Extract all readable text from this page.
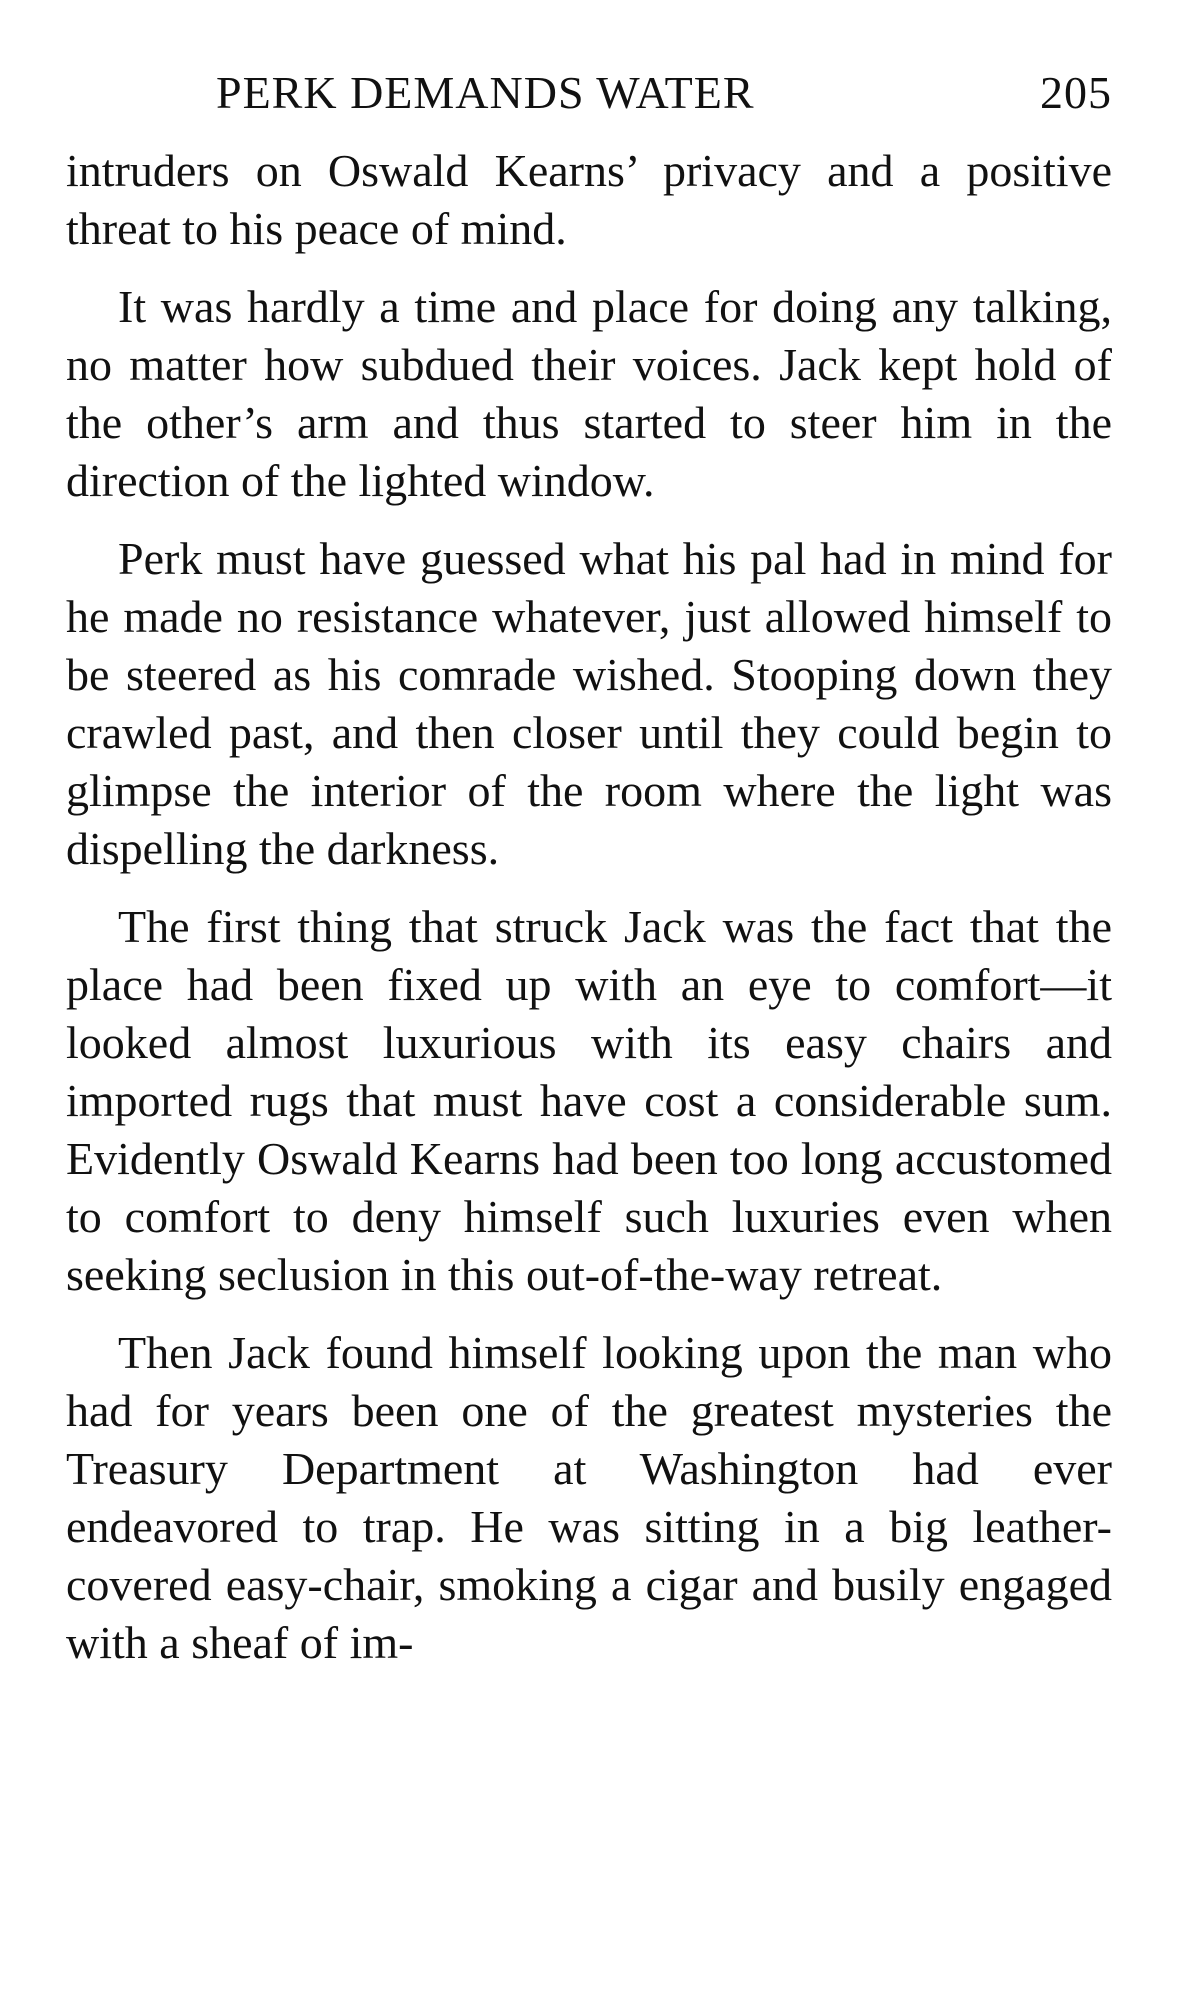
PERK DEMANDS WATER	205

intruders on Oswald Kearns’ privacy and a positive threat to his peace of mind.

It was hardly a time and place for doing any talking, no matter how subdued their voices. Jack kept hold of the other’s arm and thus started to steer him in the direction of the lighted window.

Perk must have guessed what his pal had in mind for he made no resistance whatever, just allowed himself to be steered as his comrade wished. Stooping down they crawled past, and then closer until they could begin to glimpse the interior of the room where the light was dispelling the darkness.

The first thing that struck Jack was the fact that the place had been fixed up with an eye to comfort—it looked almost luxurious with its easy chairs and imported rugs that must have cost a considerable sum. Evidently Oswald Kearns had been too long accustomed to comfort to deny himself such luxuries even when seeking seclusion in this out-of-the-way retreat.

Then Jack found himself looking upon the man who had for years been one of the greatest mysteries the Treasury Department at Washington had ever endeavored to trap. He was sitting in a big leather-covered easy-chair, smoking a cigar and busily engaged with a sheaf of im-
